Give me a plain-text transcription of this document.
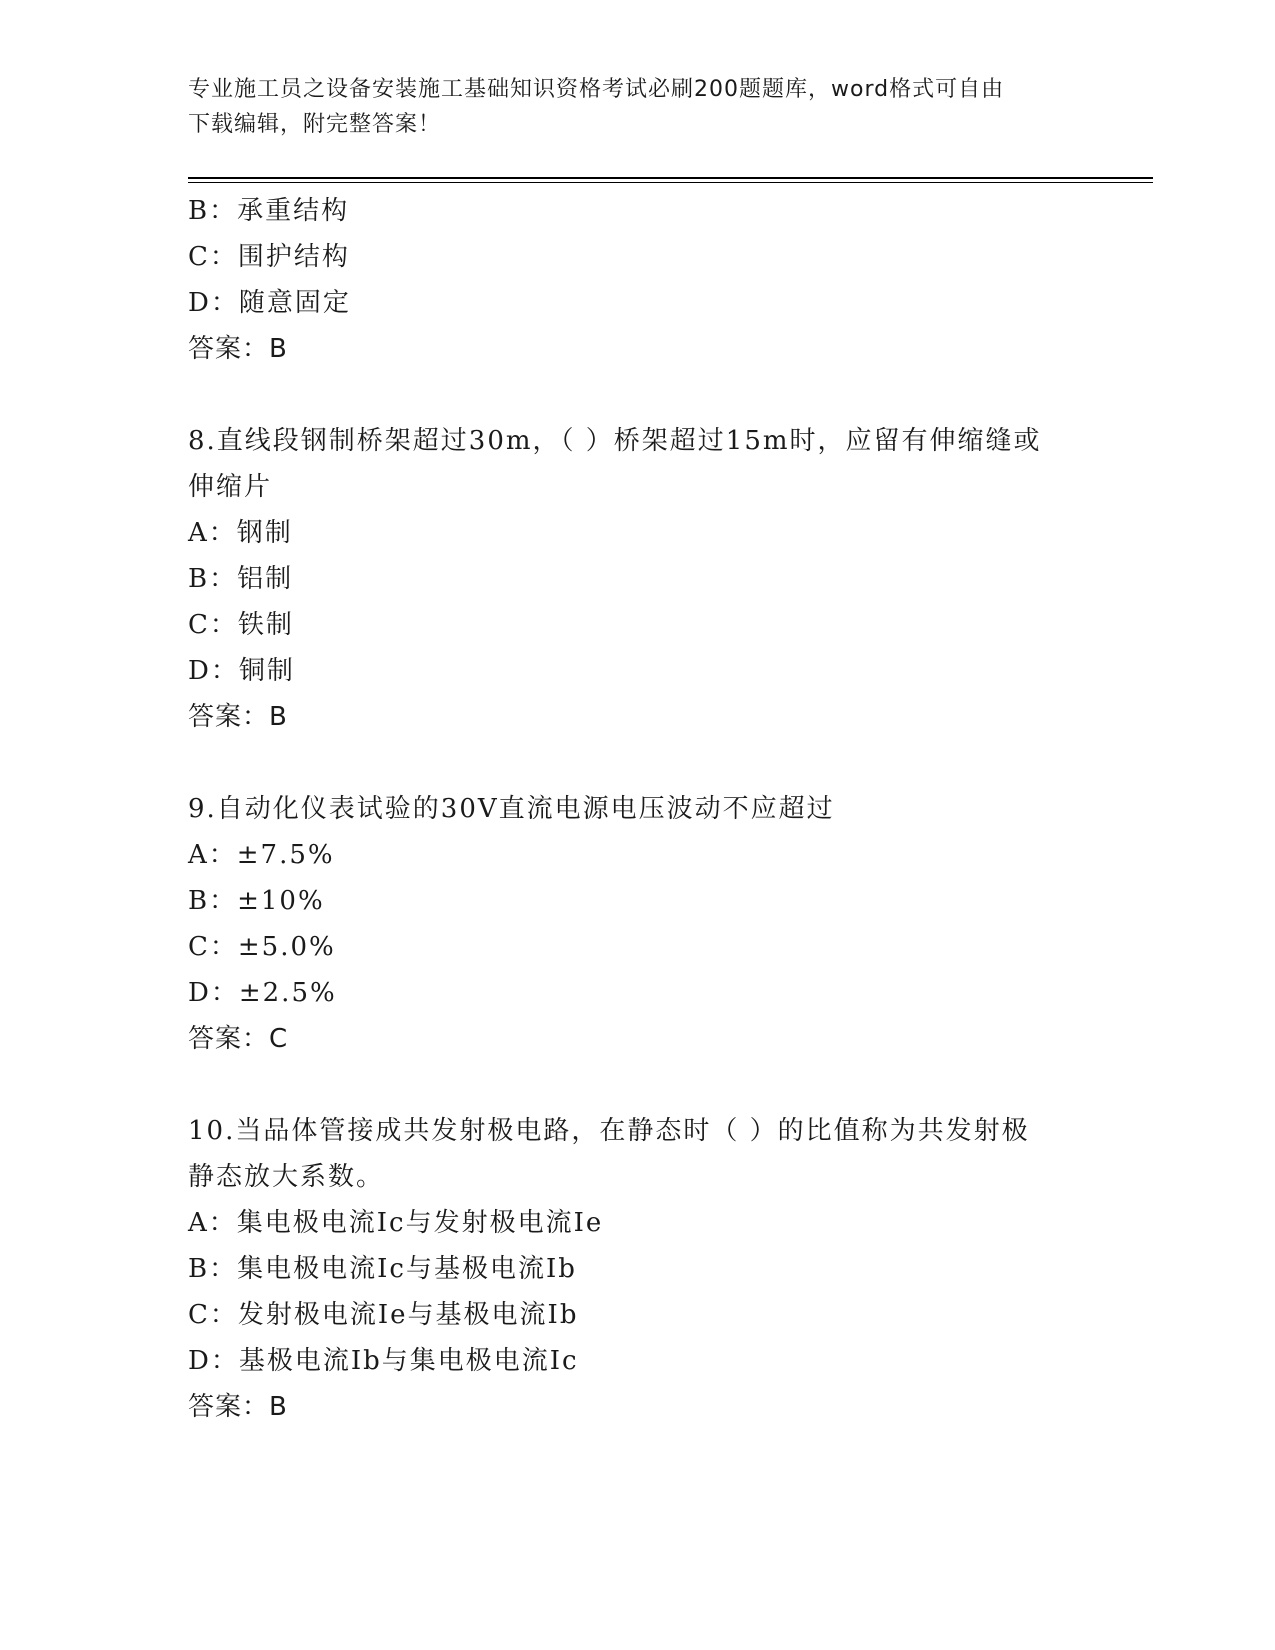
专业施工员之设备安装施工基础知识资格考试必刷200题题库，word格式可自由
下载编辑，附完整答案！
B：承重结构
C：围护结构
D：随意固定
答案：B
8.直线段钢制桥架超过30m，（ ）桥架超过15m时，应留有伸缩缝或
伸缩片
A：钢制
B：铝制
C：铁制
D：铜制
答案：B
9.自动化仪表试验的30V直流电源电压波动不应超过
A：±7.5%
B：±10%
C：±5.0%
D：±2.5%
答案：C
10.当品体管接成共发射极电路，在静态时（ ）的比值称为共发射极
静态放大系数。
A：集电极电流Ic与发射极电流Ie
B：集电极电流Ic与基极电流Ib
C：发射极电流Ie与基极电流Ib
D：基极电流Ib与集电极电流Ic
答案：B
